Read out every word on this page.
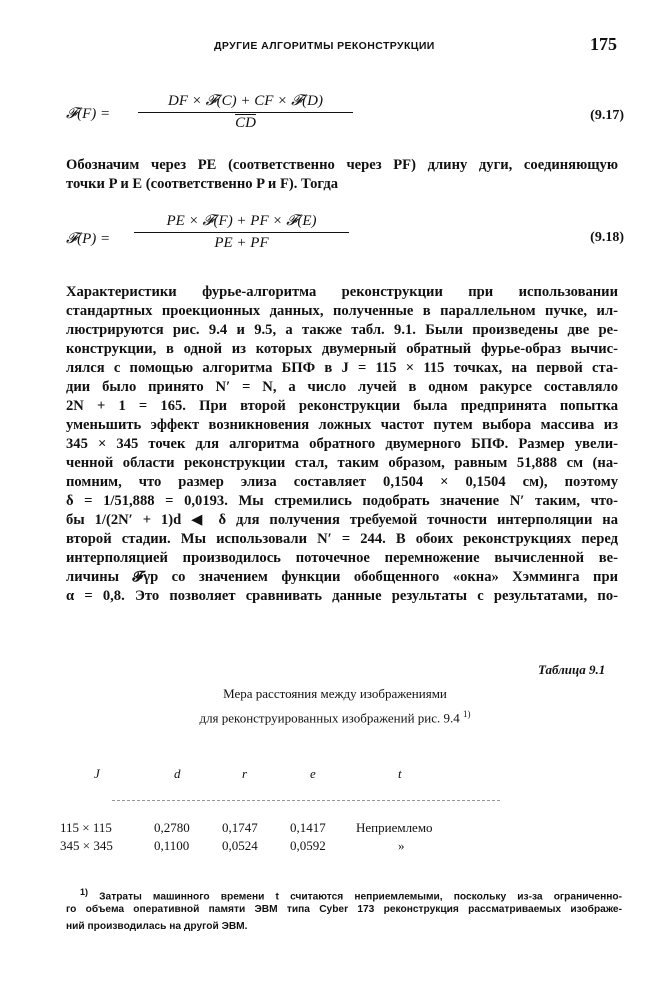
ДРУГИЕ АЛГОРИТМЫ РЕКОНСТРУКЦИИ	175
𝓕(F) =
DF × 𝓕(C) + CF × 𝓕(D)
$\overline{CD}$	(9.17)
Обозначим через PE (соответственно через PF) длину дуги, соединяющую
точки P и E (соответственно P и F). Тогда
𝓕(P) =
PE × 𝓕(F) + PF × 𝓕(E)
PE + PF	(9.18)
Характеристики фурье-алгоритма реконструкции при использовании
стандартных проекционных данных, полученные в параллельном пучке, ил-
люстрируются рис. 9.4 и 9.5, а также табл. 9.1. Были произведены две ре-
конструкции, в одной из которых двумерный обратный фурье-образ вычис-
лялся с помощью алгоритма БПФ в J = 115 × 115 точках, на первой ста-
дии было принято N′ = N, а число лучей в одном ракурсе составляло
2N + 1 = 165. При второй реконструкции была предпринята попытка
уменьшить эффект возникновения ложных частот путем выбора массива из
345 × 345 точек для алгоритма обратного двумерного БПФ. Размер увели-
ченной области реконструкции стал, таким образом, равным 51,888 см (на-
помним, что размер элиза составляет 0,1504 × 0,1504 см), поэтому
δ = 1/51,888 = 0,0193. Мы стремились подобрать значение N′ таким, что-
бы 1/(2N′ + 1)d ◀ δ для получения требуемой точности интерполяции на
второй стадии. Мы использовали N′ = 244. В обоих реконструкциях перед
интерполяцией производилось поточечное перемножение вычисленной ве-
личины 𝓕γp со значением функции обобщенного «окна» Хэмминга при
α = 0,8. Это позволяет сравнивать данные результаты с результатами, по-
Таблица 9.1
Мера расстояния между изображениями
для реконструированных изображений рис. 9.4 $^{1)}$
J	d	r	e	t
115 × 115	0,2780 0,1747 0,1417 Неприемлемо
345 × 345	0,1100	0,0524 0,0592	»
1) Затраты машинного времени t считаются неприемлемыми, поскольку из-за ограниченно-
го объема оперативной памяти ЭВМ типа Cyber 173 реконструкция рассматриваемых изображе-
ний производилась на другой ЭВМ.
